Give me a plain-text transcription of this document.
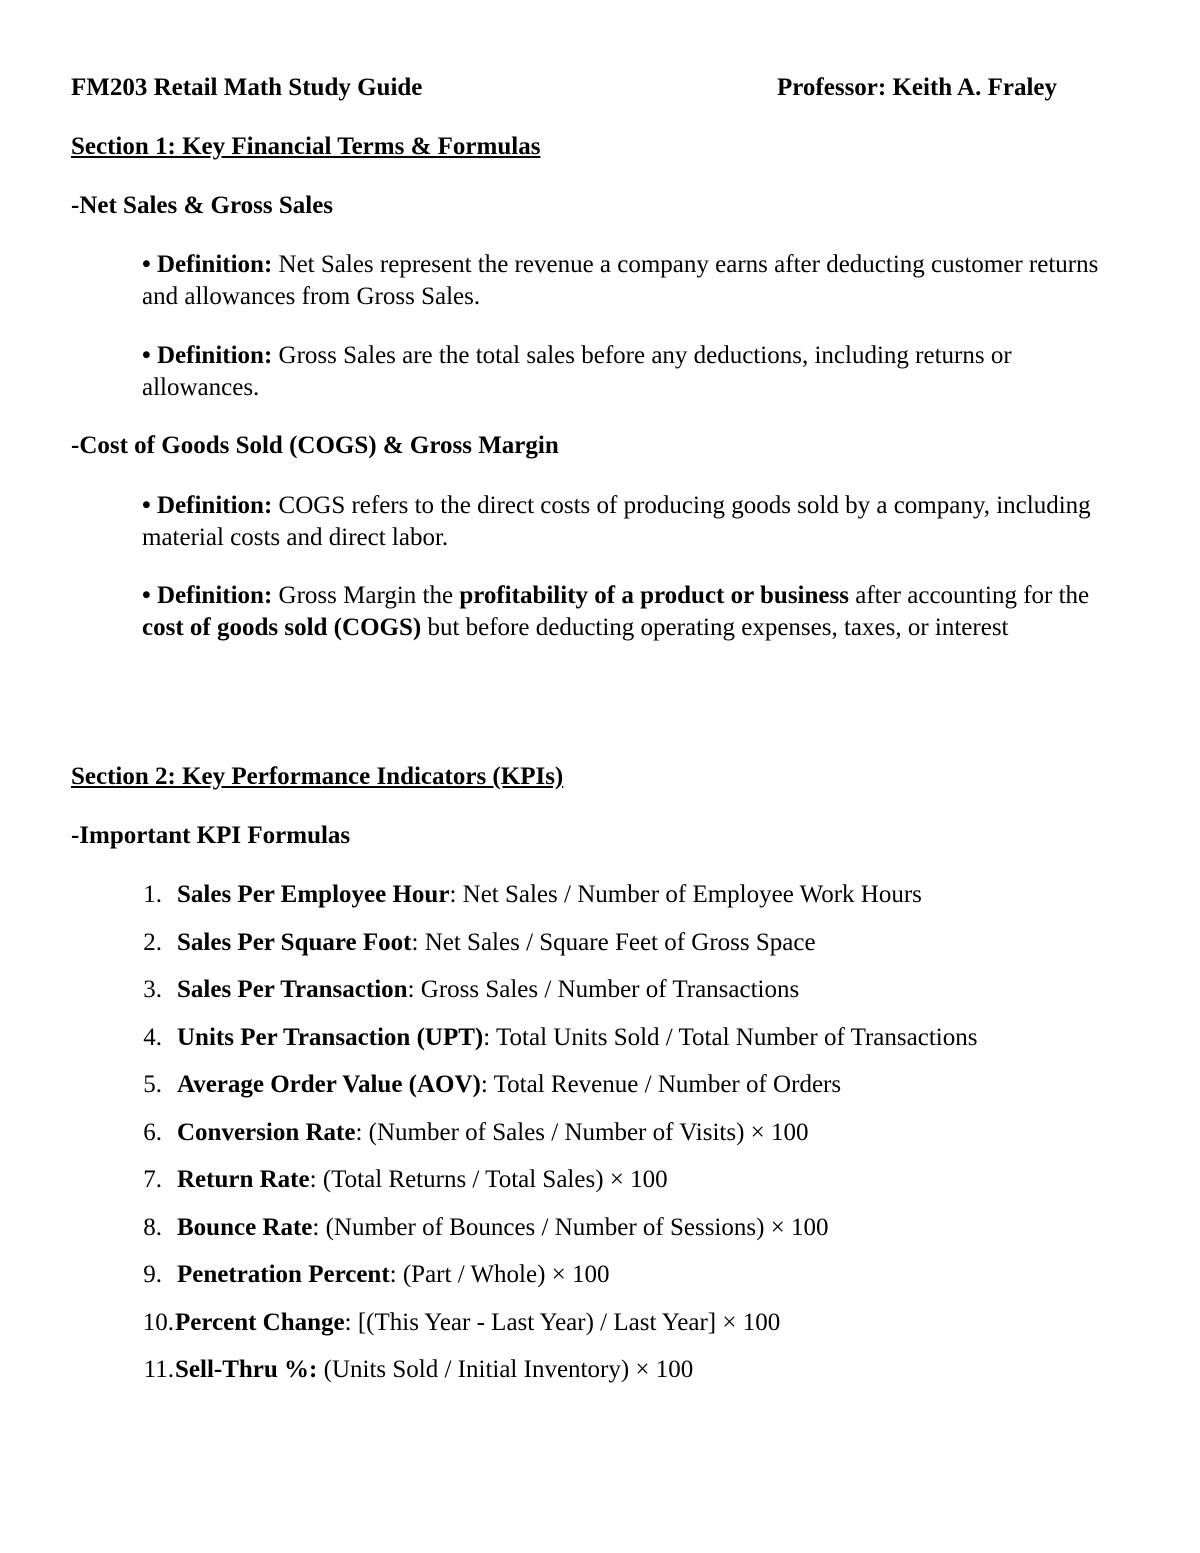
FM203 Retail Math Study Guide	Professor: Keith A. Fraley
Section 1: Key Financial Terms & Formulas
-Net Sales & Gross Sales
• Definition: Net Sales represent the revenue a company earns after deducting customer returns and allowances from Gross Sales.
• Definition: Gross Sales are the total sales before any deductions, including returns or allowances.
-Cost of Goods Sold (COGS) & Gross Margin
• Definition: COGS refers to the direct costs of producing goods sold by a company, including material costs and direct labor.
• Definition: Gross Margin the profitability of a product or business after accounting for the cost of goods sold (COGS) but before deducting operating expenses, taxes, or interest
Section 2: Key Performance Indicators (KPIs)
-Important KPI Formulas
1. Sales Per Employee Hour: Net Sales / Number of Employee Work Hours
2. Sales Per Square Foot: Net Sales / Square Feet of Gross Space
3. Sales Per Transaction: Gross Sales / Number of Transactions
4. Units Per Transaction (UPT): Total Units Sold / Total Number of Transactions
5. Average Order Value (AOV): Total Revenue / Number of Orders
6. Conversion Rate: (Number of Sales / Number of Visits) × 100
7. Return Rate: (Total Returns / Total Sales) × 100
8. Bounce Rate: (Number of Bounces / Number of Sessions) × 100
9. Penetration Percent: (Part / Whole) × 100
10. Percent Change: [(This Year - Last Year) / Last Year] × 100
11. Sell-Thru %: (Units Sold / Initial Inventory) × 100
